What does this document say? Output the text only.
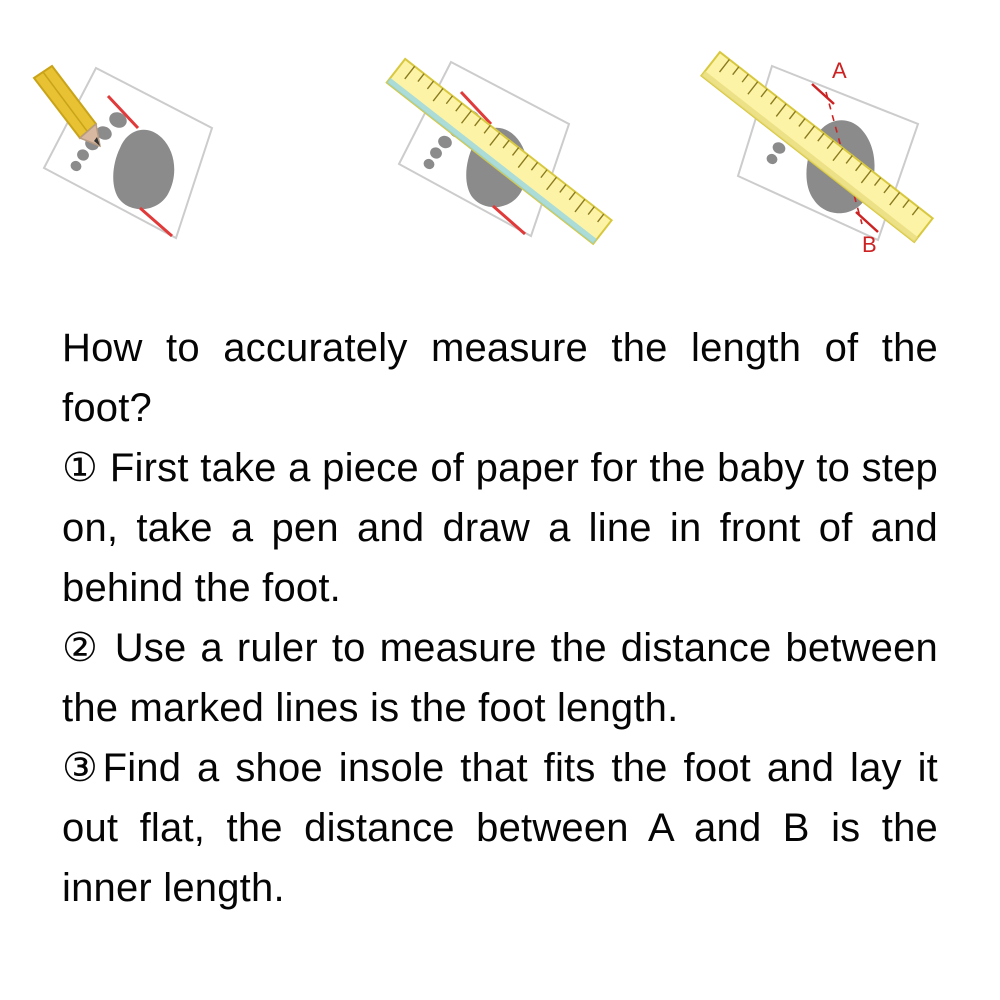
A
B

How to accurately measure the length of the foot?

① First take a piece of paper for the baby to step on, take a pen and draw a line in front of and behind the foot.

② Use a ruler to measure the distance between the marked lines is the foot length.

③Find a shoe insole that fits the foot and lay it out flat, the distance between A and B is the inner length.
